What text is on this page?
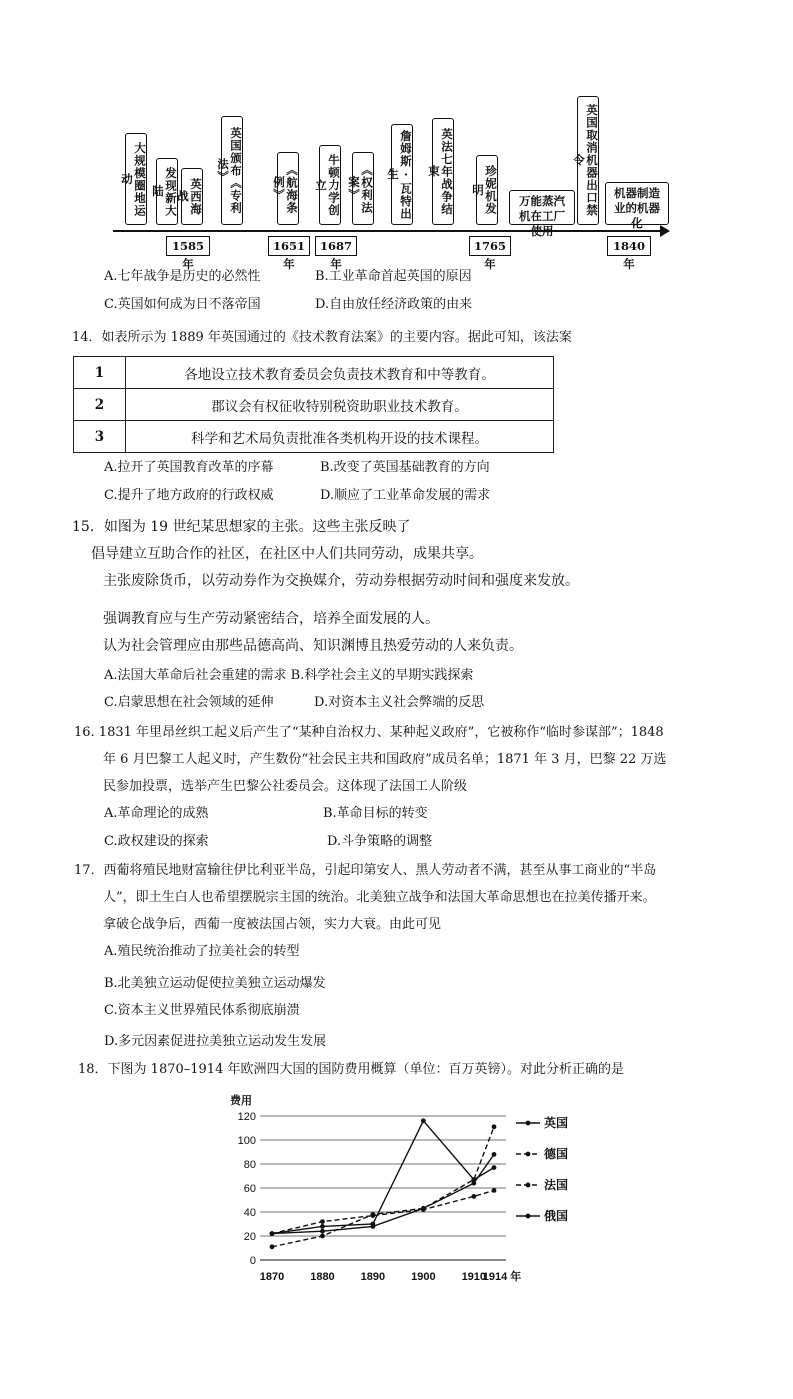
大规模圈地运动	发现新大陆	英西海战	英国颁布《专利法》	《航海条例》	牛顿力学创立	《权利法案》	詹姆斯·瓦特出生	英法七年战争结束	珍妮机发明
万能蒸汽机在工厂使用
英国取消机器出口禁令
机器制造业的机器化
1585年
1651年
1687年
1765年
1840年
A.七年战争是历史的必然性	B.工业革命首起英国的原因
C.英国如何成为日不落帝国	D.自由放任经济政策的由来
14．如表所示为 1889 年英国通过的《技术教育法案》的主要内容。据此可知，该法案
1	各地设立技术教育委员会负责技术教育和中等教育。
2	郡议会有权征收特别税资助职业技术教育。
3	科学和艺术局负责批准各类机构开设的技术课程。
A.拉开了英国教育改革的序幕	B.改变了英国基础教育的方向
C.提升了地方政府的行政权威	D.顺应了工业革命发展的需求
15．如图为 19 世纪某思想家的主张。这些主张反映了
倡导建立互助合作的社区，在社区中人们共同劳动，成果共享。
主张废除货币，以劳动券作为交换媒介，劳动券根据劳动时间和强度来发放。
强调教育应与生产劳动紧密结合，培养全面发展的人。
认为社会管理应由那些品德高尚、知识渊博且热爱劳动的人来负责。
A.法国大革命后社会重建的需求 B.科学社会主义的早期实践探索
C.启蒙思想在社会领域的延伸	D.对资本主义社会弊端的反思
16. 1831 年里昂丝织工起义后产生了“某种自治权力、某种起义政府”，它被称作“临时参谋部”；1848
年 6 月巴黎工人起义时，产生数份“社会民主共和国政府”成员名单；1871 年 3 月，巴黎 22 万选
民参加投票，选举产生巴黎公社委员会。这体现了法国工人阶级
A.革命理论的成熟	B.革命目标的转变
C.政权建设的探索	D.斗争策略的调整
17．西葡将殖民地财富输往伊比利亚半岛，引起印第安人、黑人劳动者不满，甚至从事工商业的“半岛
人”，即土生白人也希望摆脱宗主国的统治。北美独立战争和法国大革命思想也在拉美传播开来。
拿破仑战争后，西葡一度被法国占领，实力大衰。由此可见
A.殖民统治推动了拉美社会的转型
B.北美独立运动促使拉美独立运动爆发
C.资本主义世界殖民体系彻底崩溃
D.多元因素促进拉美独立运动发生发展
18．下图为 1870–1914 年欧洲四大国的国防费用概算（单位：百万英镑）。对此分析正确的是
费用
0
20
40
60
80
100
120
1870 1880 1890 1900 1910
1914 年
英国
德国
法国
俄国
